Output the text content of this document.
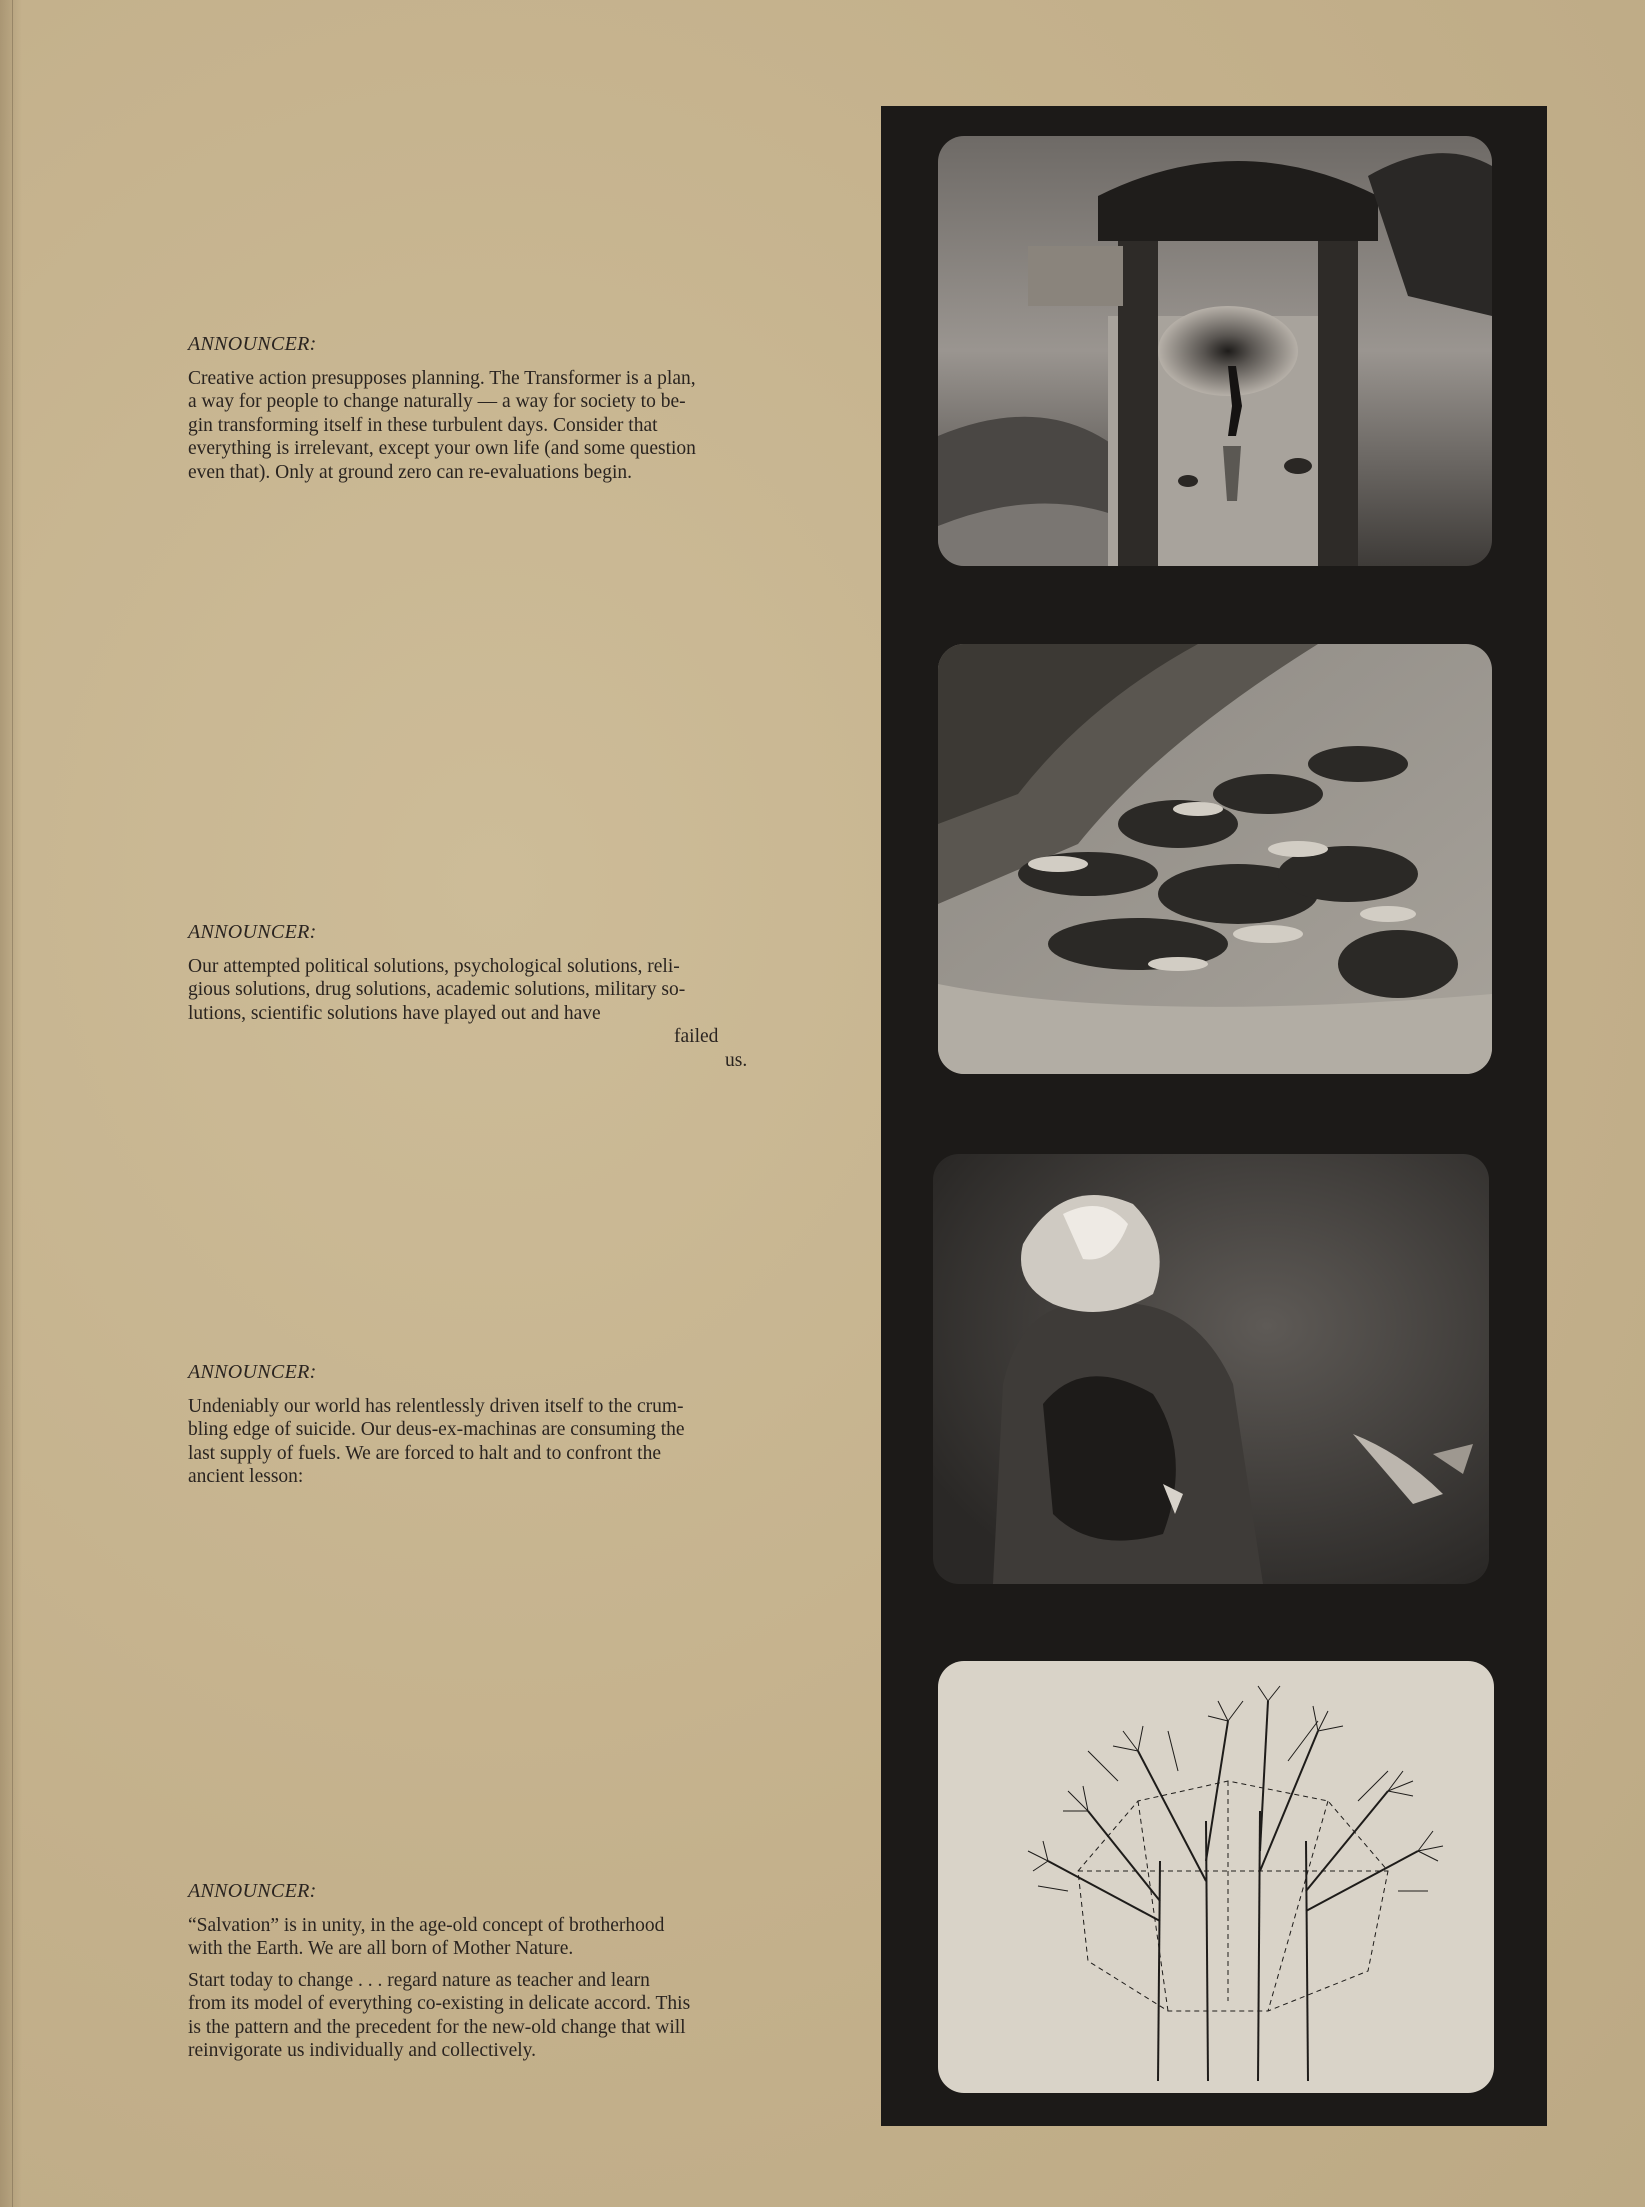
ANNOUNCER:
Creative action presupposes planning. The Transformer is a plan,
a way for people to change naturally — a way for society to be-
gin transforming itself in these turbulent days. Consider that
everything is irrelevant, except your own life (and some question
even that). Only at ground zero can re-evaluations begin.
ANNOUNCER:
Our attempted political solutions, psychological solutions, reli-
gious solutions, drug solutions, academic solutions, military so-
lutions, scientific solutions have played out and have
failed
us.
ANNOUNCER:
Undeniably our world has relentlessly driven itself to the crum-
bling edge of suicide. Our deus-ex-machinas are consuming the
last supply of fuels. We are forced to halt and to confront the
ancient lesson:
ANNOUNCER:
“Salvation” is in unity, in the age-old concept of brotherhood
with the Earth. We are all born of Mother Nature.
Start today to change . . . regard nature as teacher and learn
from its model of everything co-existing in delicate accord. This
is the pattern and the precedent for the new-old change that will
reinvigorate us individually and collectively.
